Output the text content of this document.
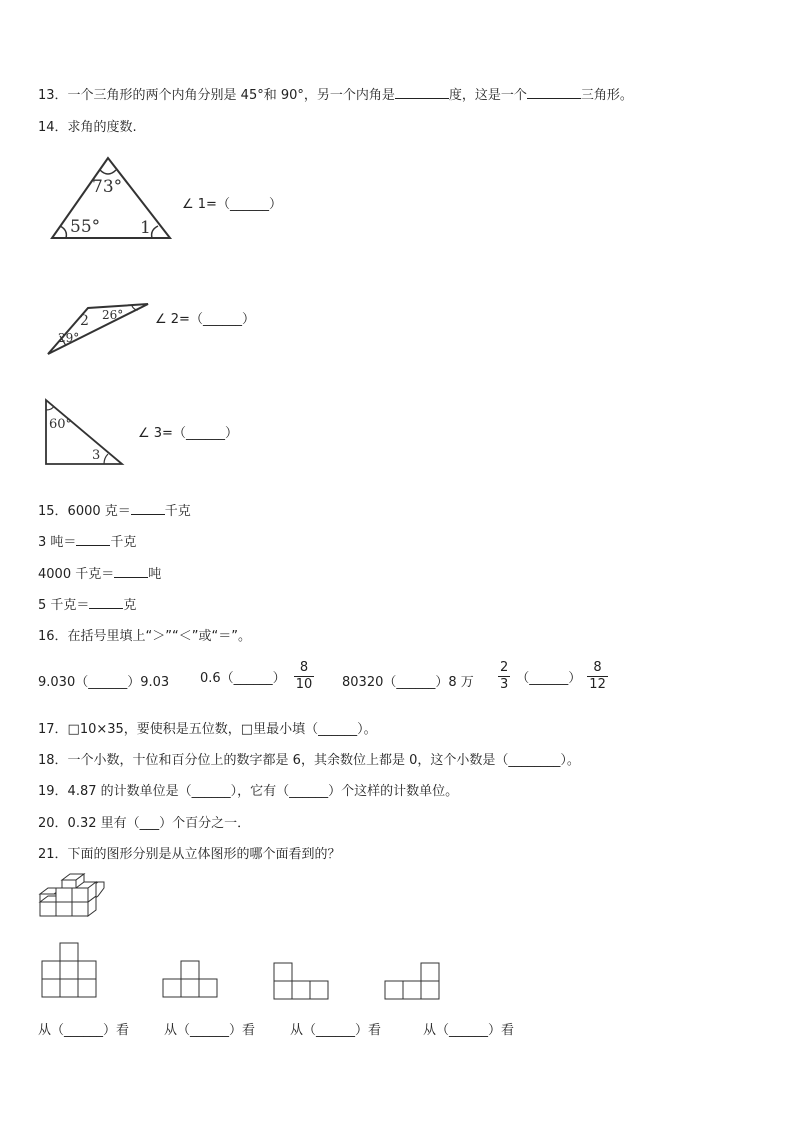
13．一个三角形的两个内角分别是 45°和 90°，另一个内角是	度，这是一个	三角形。
14．求角的度数.
73°
55° 1
∠ 1=（______）
2 26°
29°
∠ 2=（______）
60°
3
∠ 3=（______）
15．6000 克＝	千克
3 吨＝	千克
4000 千克＝	吨
5 千克＝	克
16．在括号里填上“＞”“＜”或“＝”。
9.030（______）9.03 0.6（______） $\frac{8}{10}$ 80320（______）8 万 $\frac{2}{3}$ （______） $\frac{8}{12}$
17．□10×35，要使积是五位数，□里最小填（______）。
18．一个小数，十位和百分位上的数字都是 6，其余数位上都是 0，这个小数是（________）。
19．4.87 的计数单位是（______），它有（______）个这样的计数单位。
20．0.32 里有（___）个百分之一．
21．下面的图形分别是从立体图形的哪个面看到的？
从（______）看	从（______）看	从（______）看	从（______）看
